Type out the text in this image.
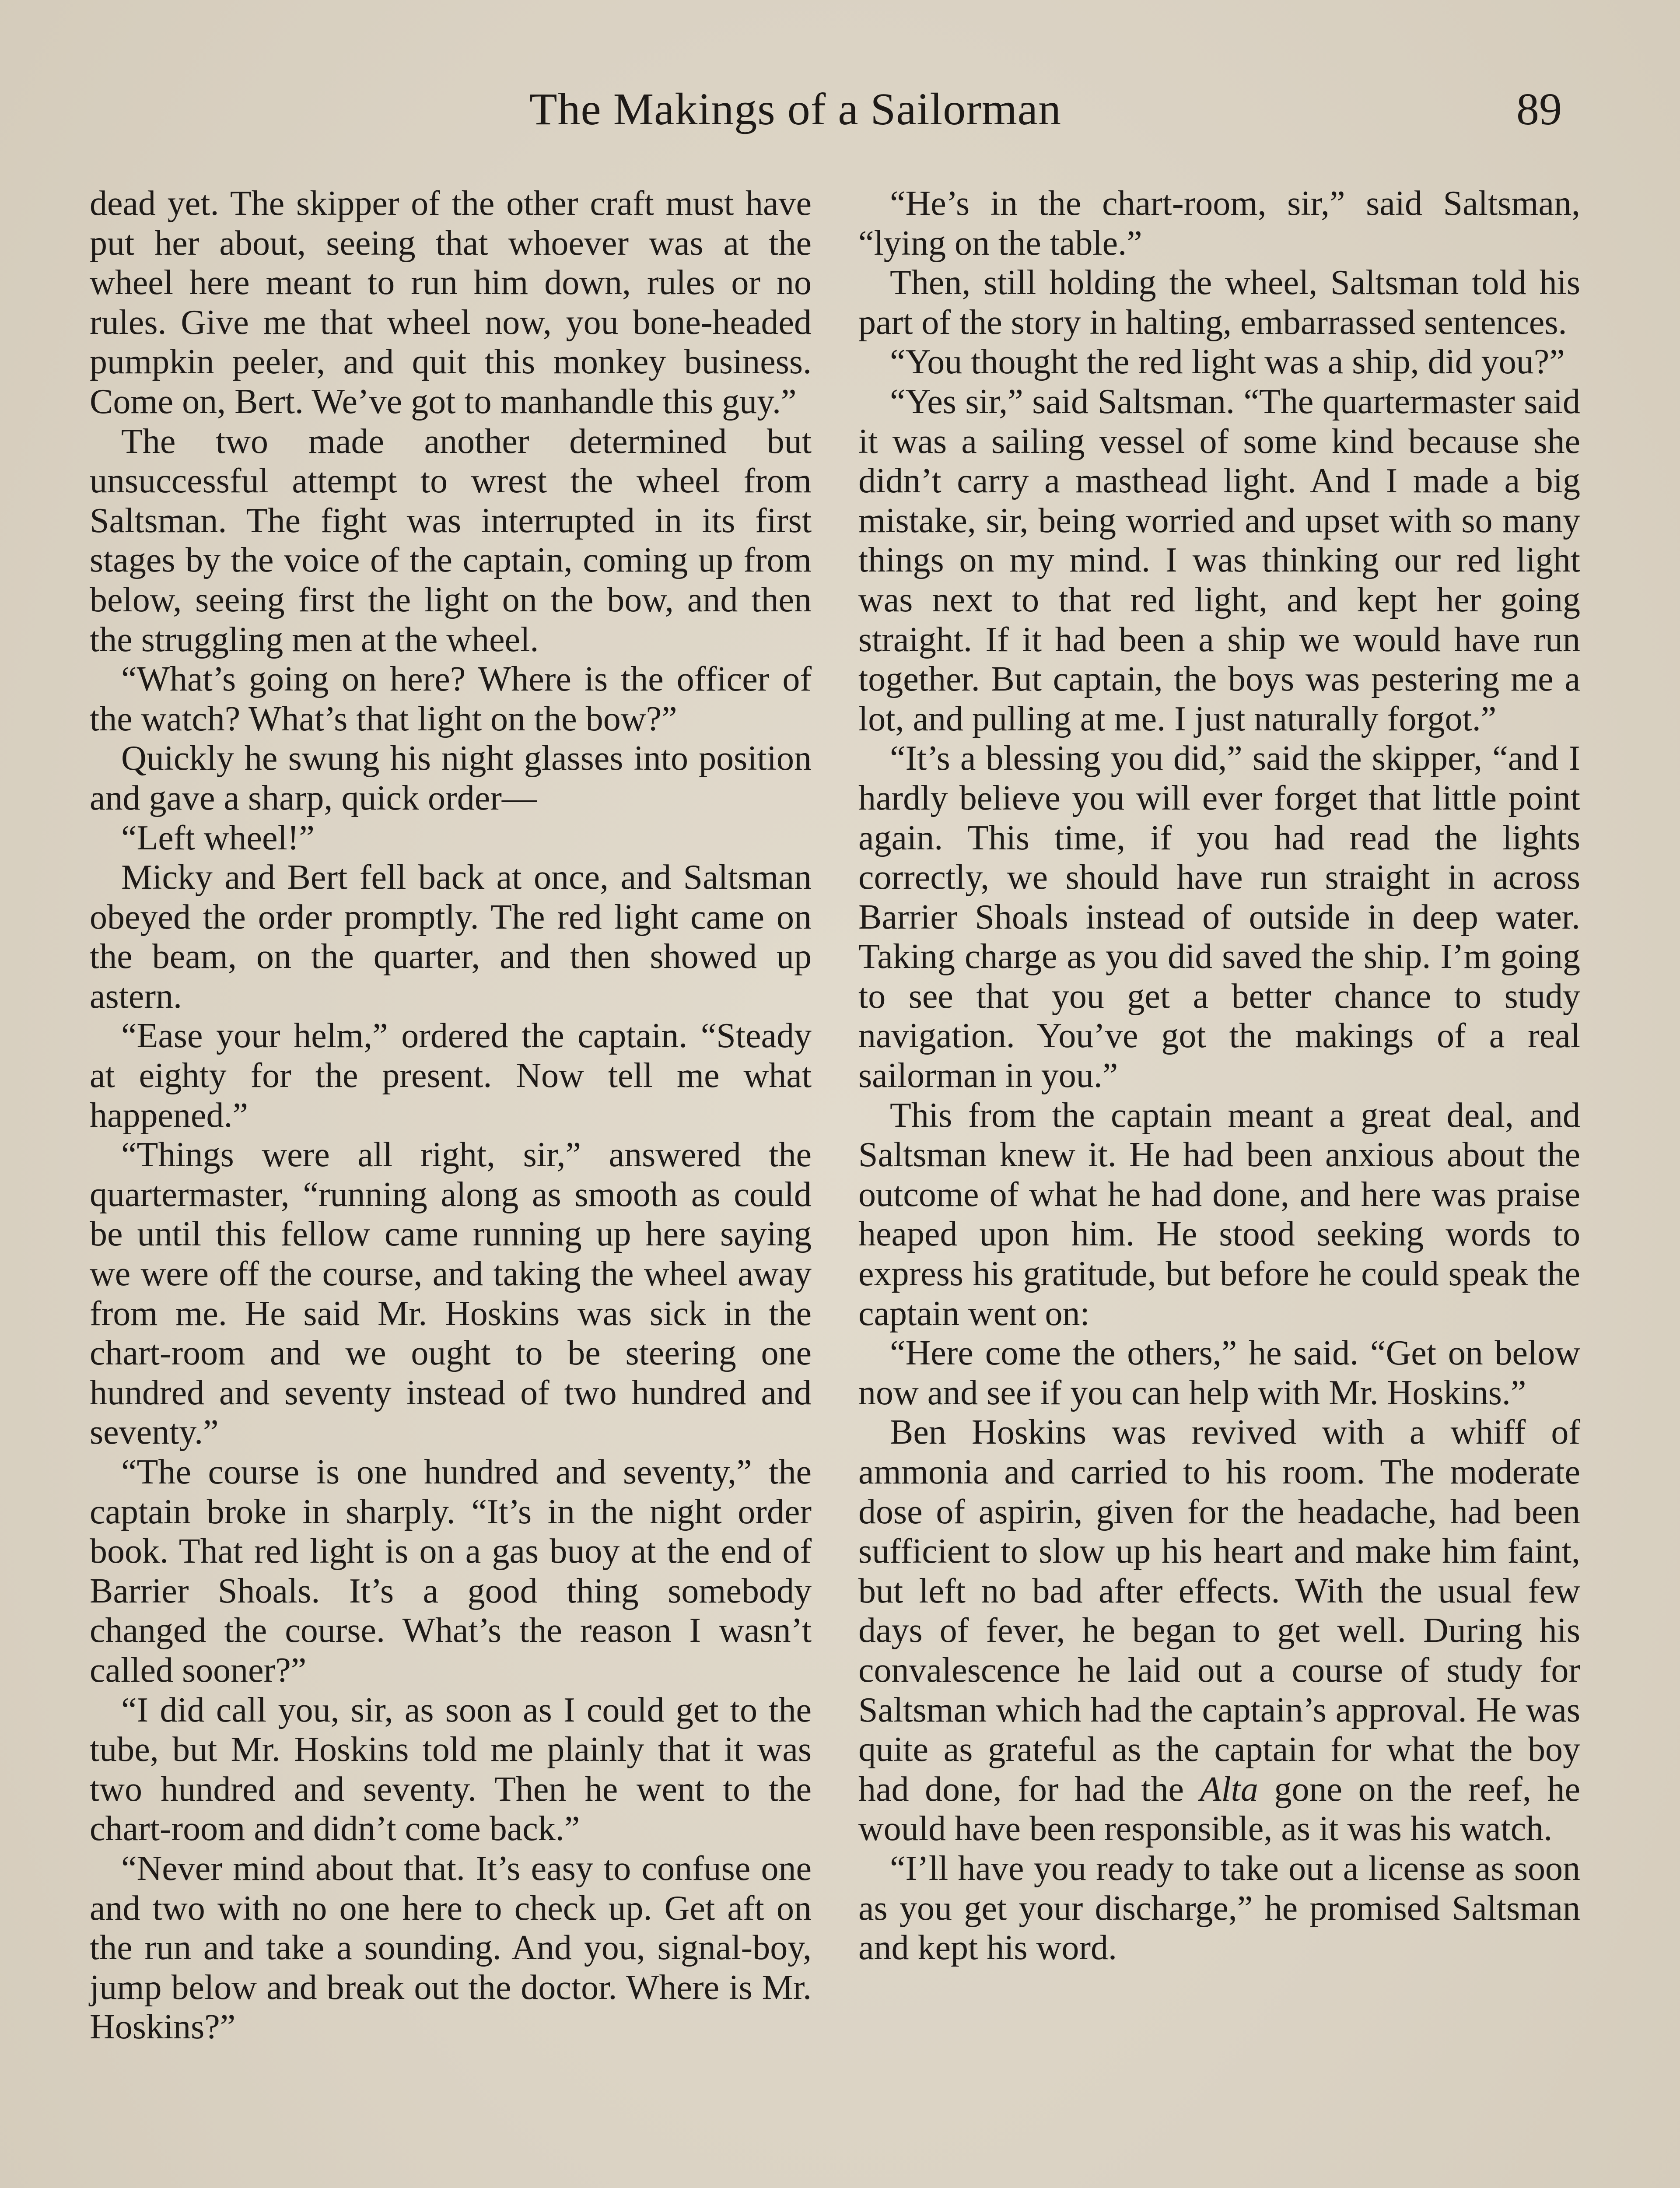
The Makings of a Sailorman	89

dead yet. The skipper of the other craft must have put her about, seeing that whoever was at the wheel here meant to run him down, rules or no rules. Give me that wheel now, you bone-headed pumpkin peeler, and quit this monkey business. Come on, Bert. We’ve got to manhandle this guy.”

The two made another determined but unsuccessful attempt to wrest the wheel from Saltsman. The fight was interrupted in its first stages by the voice of the captain, coming up from below, seeing first the light on the bow, and then the struggling men at the wheel.

“What’s going on here? Where is the officer of the watch? What’s that light on the bow?”

Quickly he swung his night glasses into position and gave a sharp, quick order—

“Left wheel!”

Micky and Bert fell back at once, and Saltsman obeyed the order promptly. The red light came on the beam, on the quarter, and then showed up astern.

“Ease your helm,” ordered the captain. “Steady at eighty for the present. Now tell me what happened.”

“Things were all right, sir,” answered the quartermaster, “running along as smooth as could be until this fellow came running up here saying we were off the course, and taking the wheel away from me. He said Mr. Hoskins was sick in the chart-room and we ought to be steering one hundred and seventy instead of two hundred and seventy.”

“The course is one hundred and seventy,” the captain broke in sharply. “It’s in the night order book. That red light is on a gas buoy at the end of Barrier Shoals. It’s a good thing somebody changed the course. What’s the reason I wasn’t called sooner?”

“I did call you, sir, as soon as I could get to the tube, but Mr. Hoskins told me plainly that it was two hundred and seventy. Then he went to the chart-room and didn’t come back.”

“Never mind about that. It’s easy to confuse one and two with no one here to check up. Get aft on the run and take a sounding. And you, signal-boy, jump below and break out the doctor. Where is Mr. Hoskins?”

“He’s in the chart-room, sir,” said Saltsman, “lying on the table.”

Then, still holding the wheel, Saltsman told his part of the story in halting, embarrassed sentences.

“You thought the red light was a ship, did you?”

“Yes sir,” said Saltsman. “The quartermaster said it was a sailing vessel of some kind because she didn’t carry a masthead light. And I made a big mistake, sir, being worried and upset with so many things on my mind. I was thinking our red light was next to that red light, and kept her going straight. If it had been a ship we would have run together. But captain, the boys was pestering me a lot, and pulling at me. I just naturally forgot.”

“It’s a blessing you did,” said the skipper, “and I hardly believe you will ever forget that little point again. This time, if you had read the lights correctly, we should have run straight in across Barrier Shoals instead of outside in deep water. Taking charge as you did saved the ship. I’m going to see that you get a better chance to study navigation. You’ve got the makings of a real sailorman in you.”

This from the captain meant a great deal, and Saltsman knew it. He had been anxious about the outcome of what he had done, and here was praise heaped upon him. He stood seeking words to express his gratitude, but before he could speak the captain went on:

“Here come the others,” he said. “Get on below now and see if you can help with Mr. Hoskins.”

Ben Hoskins was revived with a whiff of ammonia and carried to his room. The moderate dose of aspirin, given for the headache, had been sufficient to slow up his heart and make him faint, but left no bad after effects. With the usual few days of fever, he began to get well. During his convalescence he laid out a course of study for Saltsman which had the captain’s approval. He was quite as grateful as the captain for what the boy had done, for had the Alta gone on the reef, he would have been responsible, as it was his watch.

“I’ll have you ready to take out a license as soon as you get your discharge,” he promised Saltsman and kept his word.
